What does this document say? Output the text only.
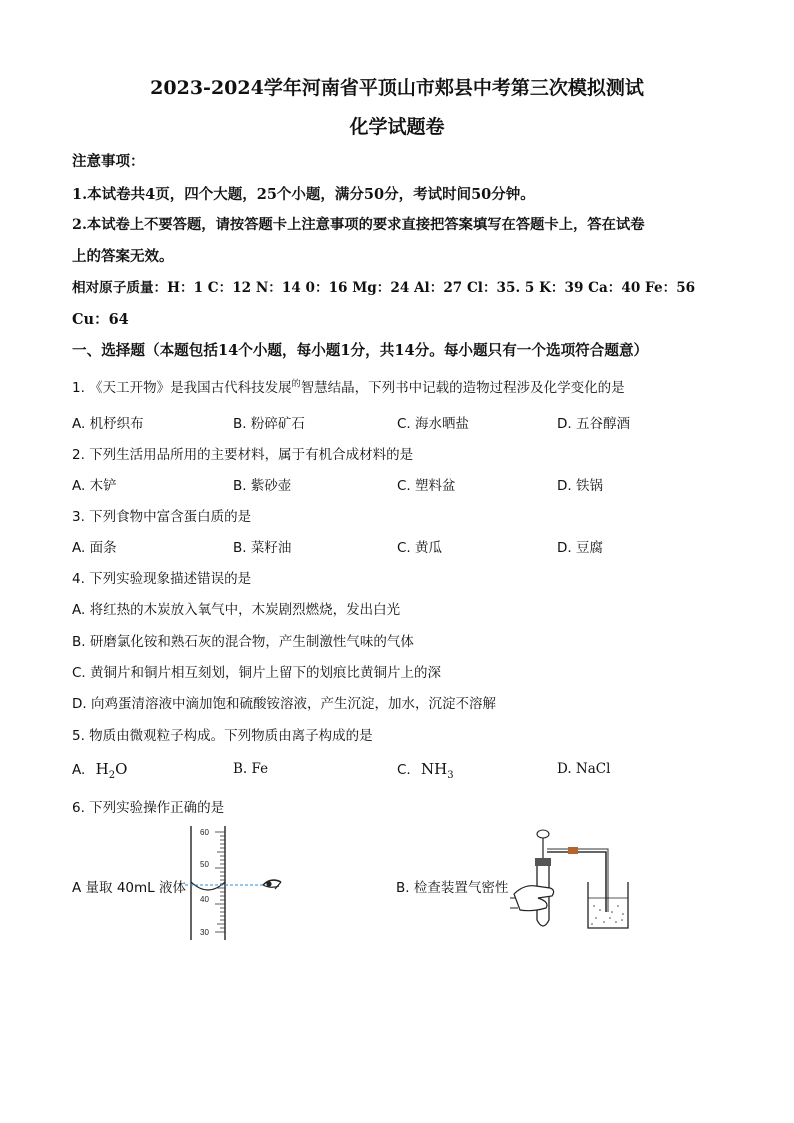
2023-2024学年河南省平顶山市郏县中考第三次模拟测试
化学试题卷
注意事项：
1.本试卷共4页，四个大题，25个小题，满分50分，考试时间50分钟。
2.本试卷上不要答题，请按答题卡上注意事项的要求直接把答案填写在答题卡上，答在试卷
上的答案无效。
相对原子质量：H：1 C：12 N：14 0：16 Mg：24 Al：27 Cl：35. 5 K：39 Ca：40 Fe：56
Cu：64
一、选择题（本题包括14个小题，每小题1分，共14分。每小题只有一个选项符合题意）
1. 《天工开物》是我国古代科技发展$^的$智慧结晶，下列书中记载的造物过程涉及化学变化的是
A. 机杼织布	B. 粉碎矿石	C. 海水晒盐	D. 五谷醇酒
2. 下列生活用品所用的主要材料，属于有机合成材料的是
A. 木铲	B. 紫砂壶	C. 塑料盆	D. 铁锅
3. 下列食物中富含蛋白质的是
A. 面条	B. 菜籽油	C. 黄瓜	D. 豆腐
4. 下列实验现象描述错误的是
A. 将红热的木炭放入氧气中，木炭剧烈燃烧，发出白光
B. 研磨氯化铵和熟石灰的混合物，产生制激性气味的气体
C. 黄铜片和铜片相互刻划，铜片上留下的划痕比黄铜片上的深
D. 向鸡蛋清溶液中滴加饱和硫酸铵溶液，产生沉淀，加水，沉淀不溶解
5. 物质由微观粒子构成。下列物质由离子构成的是
A. $H_2O$	B. Fe	C. $NH_3$	D. NaCl
6. 下列实验操作正确的是
A 量取 40mL 液体	B. 检查装置气密性
60
50
40
30
